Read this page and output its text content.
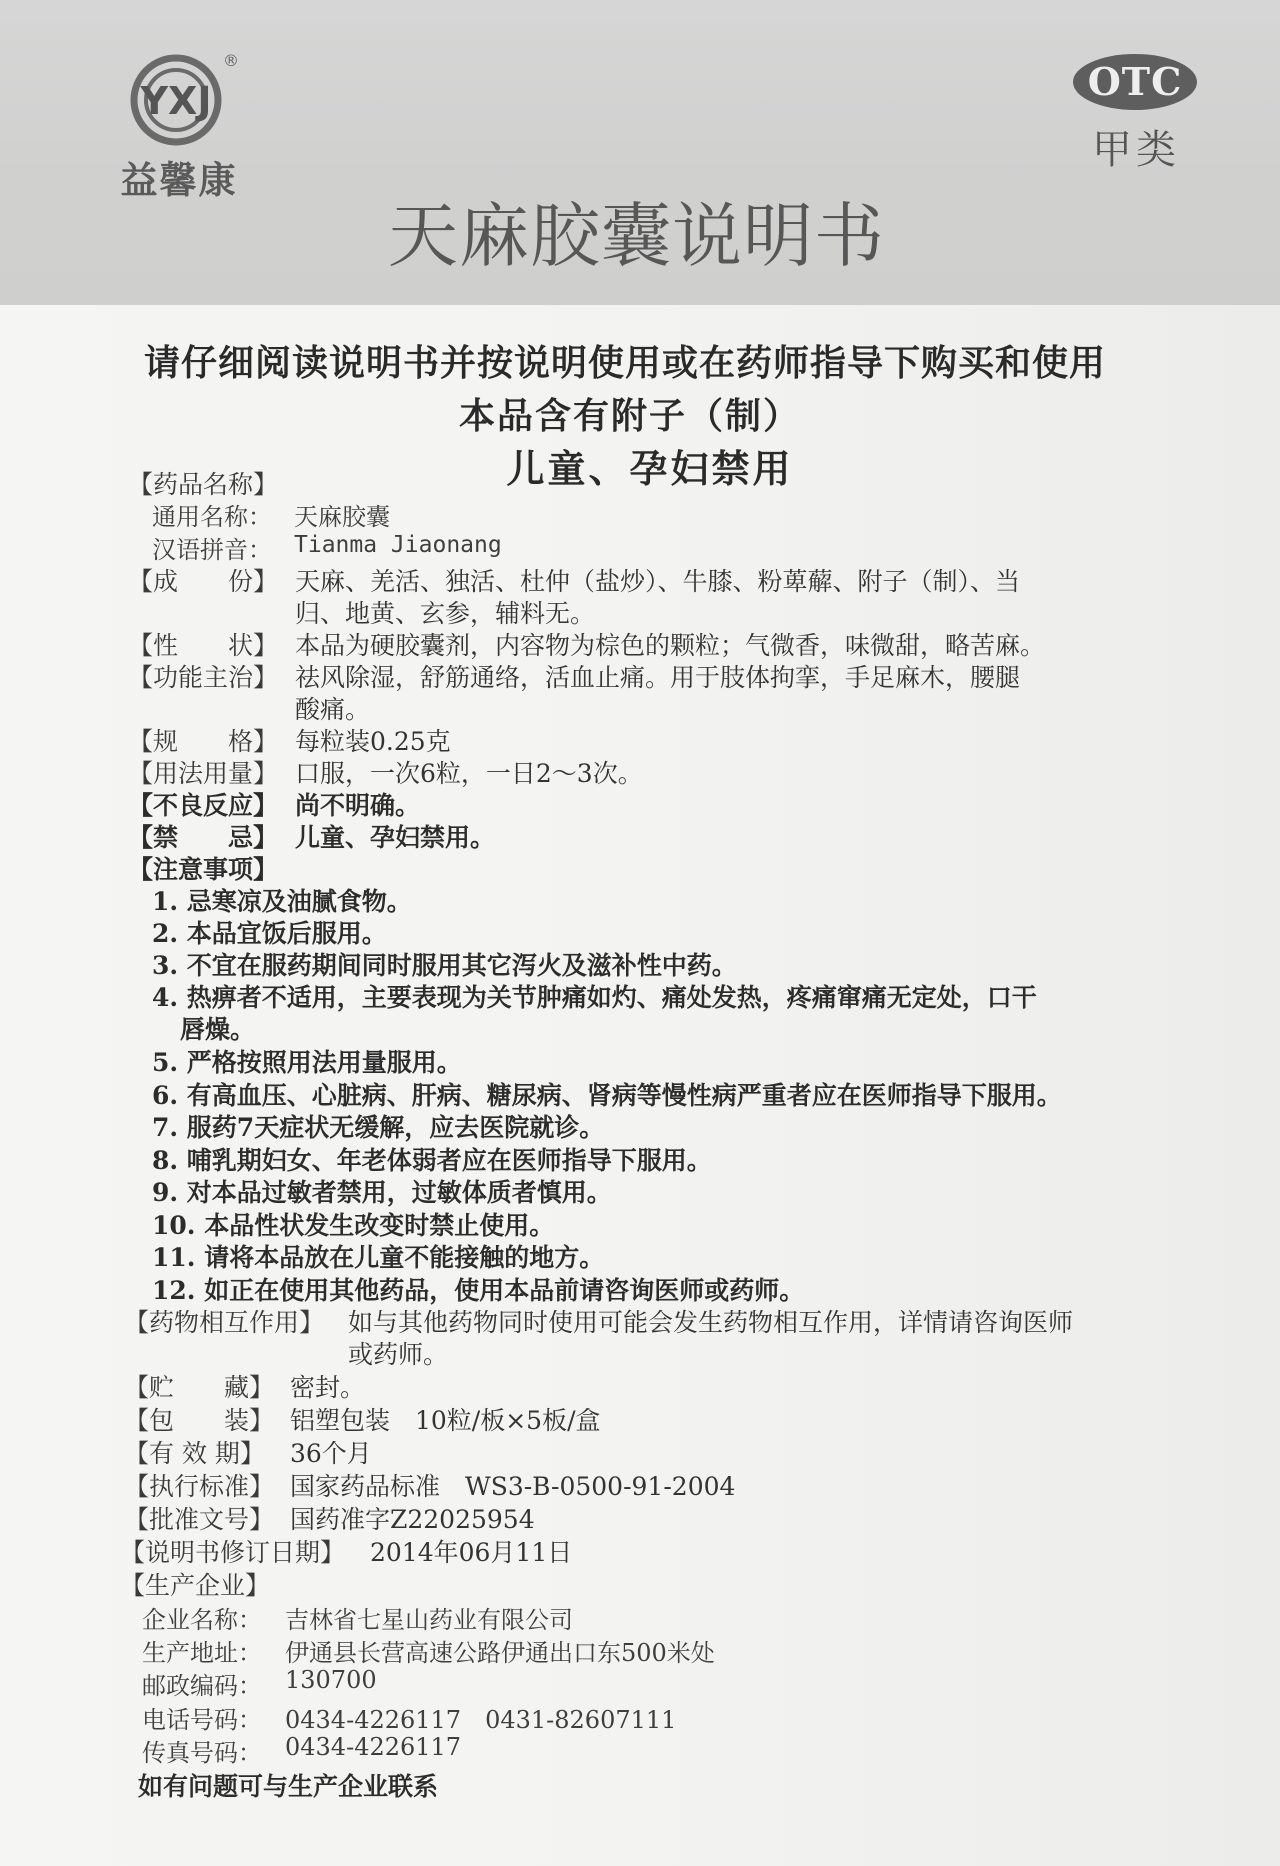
YXJ
®
益馨康
OTC
甲类
天麻胶囊说明书
请仔细阅读说明书并按说明使用或在药师指导下购买和使用
本品含有附子（制）
儿童、孕妇禁用
【药品名称】
通用名称： 天麻胶囊
汉语拼音： Tianma Jiaonang
【成　　份】 天麻、羌活、独活、杜仲（盐炒）、牛膝、粉萆薢、附子（制）、当
归、地黄、玄参，辅料无。
【性　　状】 本品为硬胶囊剂，内容物为棕色的颗粒；气微香，味微甜，略苦麻。
【功能主治】 祛风除湿，舒筋通络，活血止痛。用于肢体拘挛，手足麻木，腰腿
酸痛。
【规　　格】 每粒装0.25克
【用法用量】 口服，一次6粒，一日2～3次。
【不良反应】 尚不明确。
【禁　　忌】 儿童、孕妇禁用。
【注意事项】
1. 忌寒凉及油腻食物。
2. 本品宜饭后服用。
3. 不宜在服药期间同时服用其它泻火及滋补性中药。
4. 热痹者不适用，主要表现为关节肿痛如灼、痛处发热，疼痛窜痛无定处，口干
唇燥。
5. 严格按照用法用量服用。
6. 有高血压、心脏病、肝病、糖尿病、肾病等慢性病严重者应在医师指导下服用。
7. 服药7天症状无缓解，应去医院就诊。
8. 哺乳期妇女、年老体弱者应在医师指导下服用。
9. 对本品过敏者禁用，过敏体质者慎用。
10. 本品性状发生改变时禁止使用。
11. 请将本品放在儿童不能接触的地方。
12. 如正在使用其他药品，使用本品前请咨询医师或药师。
【药物相互作用】 如与其他药物同时使用可能会发生药物相互作用，详情请咨询医师
或药师。
【贮　　藏】 密封。
【包　　装】 铝塑包装　10粒/板×5板/盒
【有 效 期】 36个月
【执行标准】 国家药品标准　WS3-B-0500-91-2004
【批准文号】 国药准字Z22025954
【说明书修订日期】 2014年06月11日
【生产企业】
企业名称： 吉林省七星山药业有限公司
生产地址： 伊通县长营高速公路伊通出口东500米处
邮政编码： 130700
电话号码： 0434-4226117　0431-82607111
传真号码： 0434-4226117
如有问题可与生产企业联系
